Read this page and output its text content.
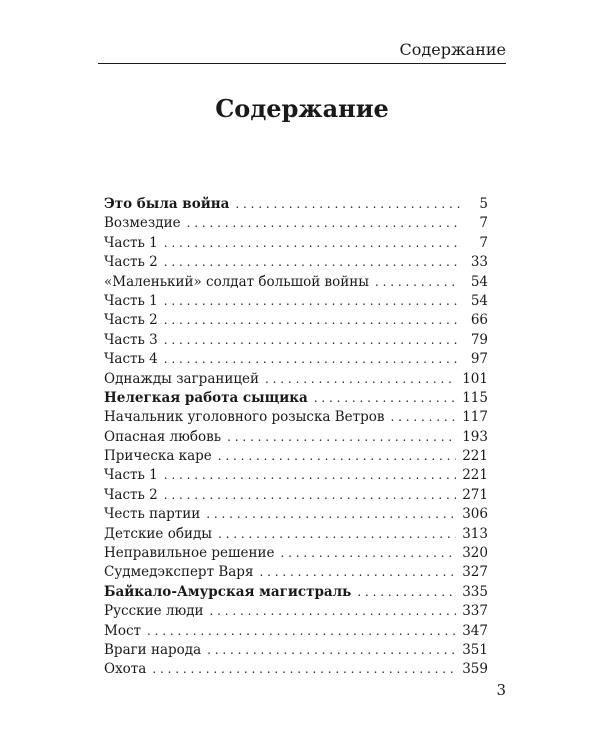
Содержание
Содержание
Это была война . . .	5
Возмездие . . .	7
Часть 1 . . .	7
Часть 2 . . .	33
«Маленький» солдат большой войны . . .	54
Часть 1 . . .	54
Часть 2 . . .	66
Часть 3 . . .	79
Часть 4 . . .	97
Однажды заграницей . . .	101
Нелегкая работа сыщика . . .	115
Начальник уголовного розыска Ветров . . .	117
Опасная любовь . . .	193
Прическа каре . . .	221
Часть 1 . . .	221
Часть 2 . . .	271
Честь партии . . .	306
Детские обиды . . .	313
Неправильное решение . . .	320
Судмедэксперт Варя . . .	327
Байкало-Амурская магистраль . . .	335
Русские люди . . .	337
Мост . . .	347
Враги народа . . .	351
Охота . . .	359
3
